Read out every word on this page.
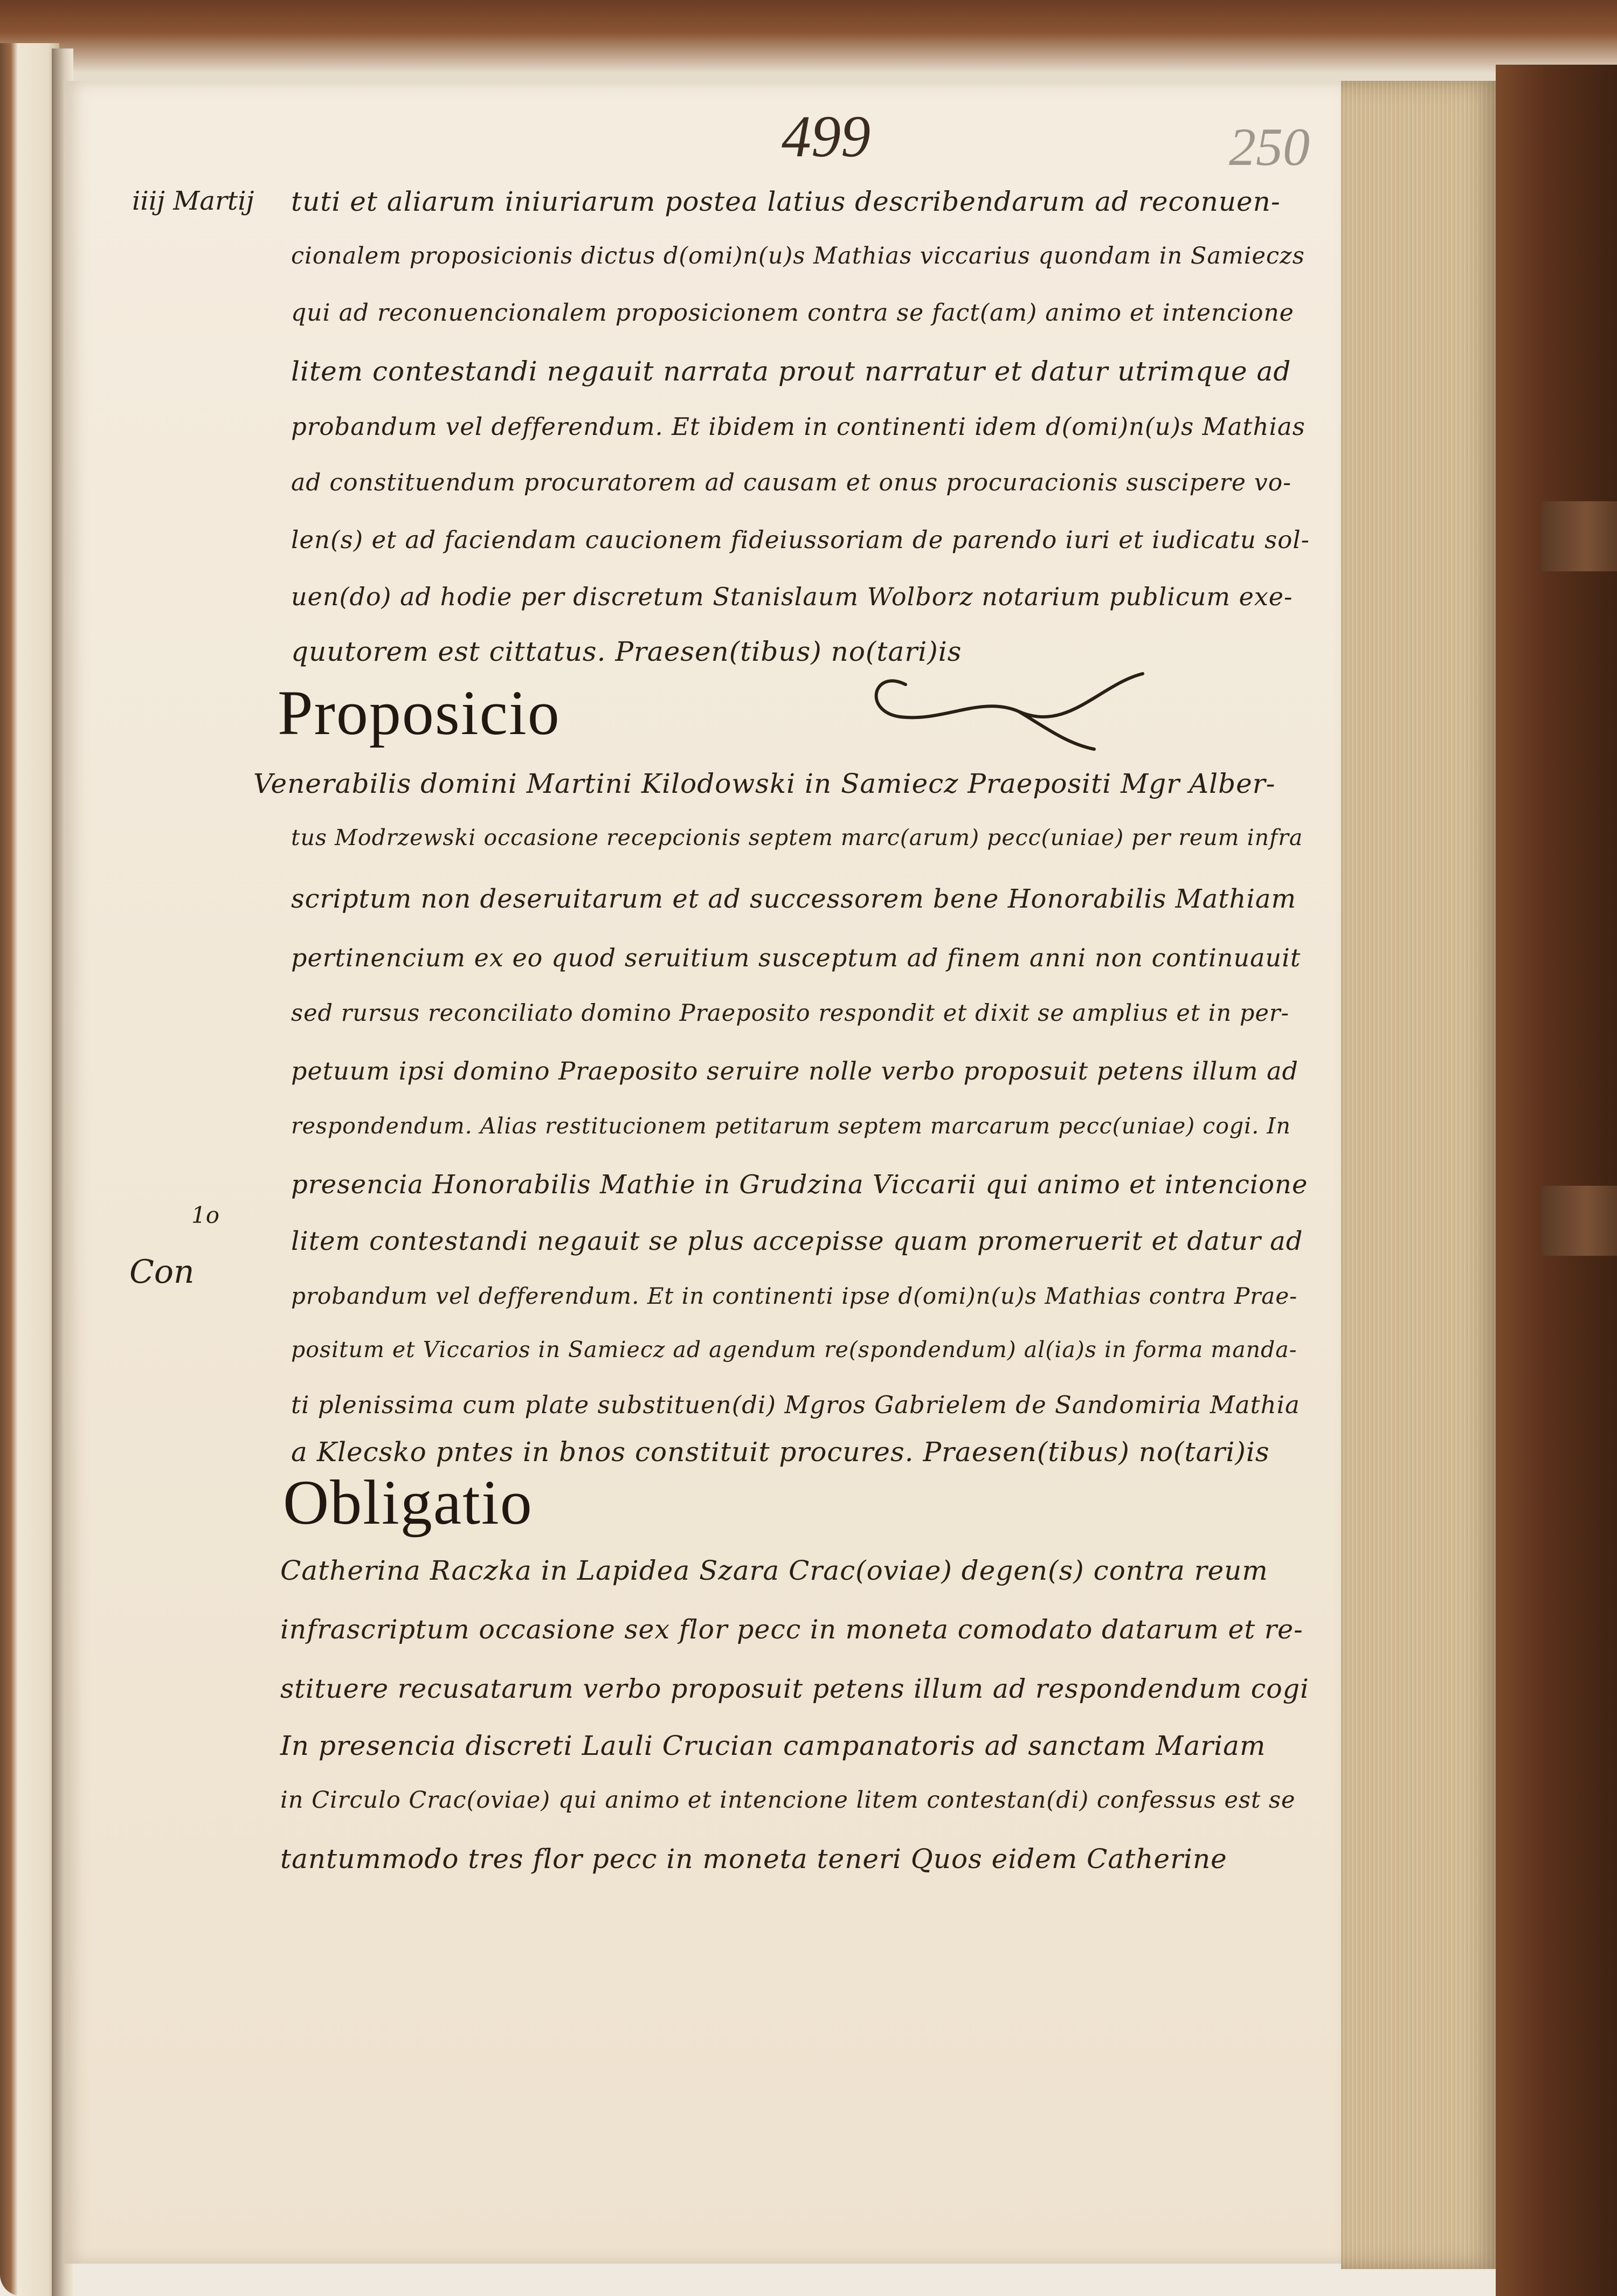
499	250
iiij Martij
1o
Con
tuti et aliarum iniuriarum postea latius describendarum ad reconuen-
cionalem proposicionis dictus d(omi)n(u)s Mathias viccarius quondam in Samieczs
qui ad reconuencionalem proposicionem contra se fact(am) animo et intencione
litem contestandi negauit narrata prout narratur et datur utrimque ad
probandum vel defferendum. Et ibidem in continenti idem d(omi)n(u)s Mathias
ad constituendum procuratorem ad causam et onus procuracionis suscipere vo-
len(s) et ad faciendam caucionem fideiussoriam de parendo iuri et iudicatu sol-
uen(do) ad hodie per discretum Stanislaum Wolborz notarium publicum exe-
quutorem est cittatus. Praesen(tibus) no(tari)is
Proposicio
Venerabilis domini Martini Kilodowski in Samiecz Praepositi Mgr Alber-
tus Modrzewski occasione recepcionis septem marc(arum) pecc(uniae) per reum infra
scriptum non deseruitarum et ad successorem bene Honorabilis Mathiam
pertinencium ex eo quod seruitium susceptum ad finem anni non continuauit
sed rursus reconciliato domino Praeposito respondit et dixit se amplius et in per-
petuum ipsi domino Praeposito seruire nolle verbo proposuit petens illum ad
respondendum. Alias restitucionem petitarum septem marcarum pecc(uniae) cogi. In
presencia Honorabilis Mathie in Grudzina Viccarii qui animo et intencione
litem contestandi negauit se plus accepisse quam promeruerit et datur ad
probandum vel defferendum. Et in continenti ipse d(omi)n(u)s Mathias contra Prae-
positum et Viccarios in Samiecz ad agendum re(spondendum) al(ia)s in forma manda-
ti plenissima cum plate substituen(di) Mgros Gabrielem de Sandomiria Mathia
a Klecsko pntes in bnos constituit procures. Praesen(tibus) no(tari)is
Obligatio
Catherina Raczka in Lapidea Szara Crac(oviae) degen(s) contra reum
infrascriptum occasione sex flor pecc in moneta comodato datarum et re-
stituere recusatarum verbo proposuit petens illum ad respondendum cogi
In presencia discreti Lauli Crucian campanatoris ad sanctam Mariam
in Circulo Crac(oviae) qui animo et intencione litem contestan(di) confessus est se
tantummodo tres flor pecc in moneta teneri Quos eidem Catherine
